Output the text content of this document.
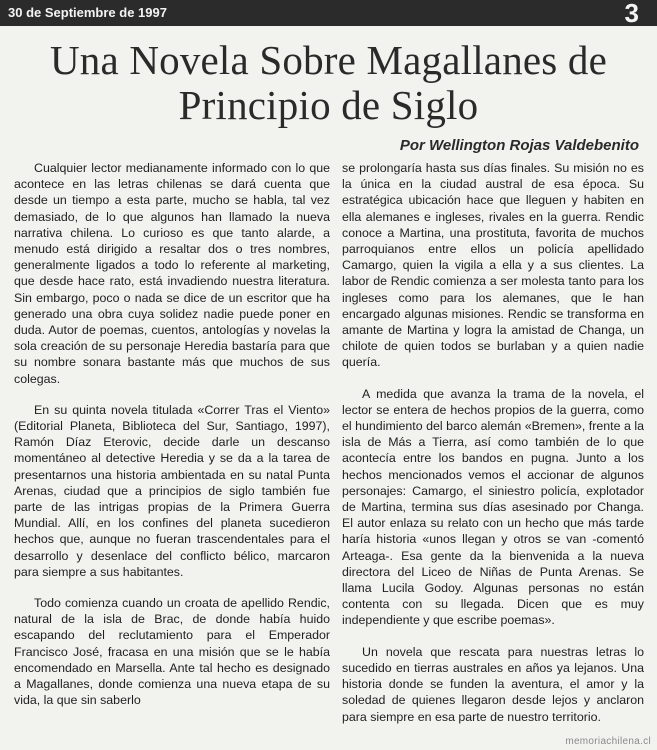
30 de Septiembre de 1997	3
Una Novela Sobre Magallanes de Principio de Siglo
Por Wellington Rojas Valdebenito

Cualquier lector medianamente informado con lo que acontece en las letras chilenas se dará cuenta que desde un tiempo a esta parte, mucho se habla, tal vez demasiado, de lo que algunos han llamado la nueva narrativa chilena. Lo curioso es que tanto alarde, a menudo está dirigido a resaltar dos o tres nombres, generalmente ligados a todo lo referente al marketing, que desde hace rato, está invadiendo nuestra literatura. Sin embargo, poco o nada se dice de un escritor que ha generado una obra cuya solidez nadie puede poner en duda. Autor de poemas, cuentos, antologías y novelas la sola creación de su personaje Heredia bastaría para que su nombre sonara bastante más que muchos de sus colegas.

En su quinta novela titulada «Correr Tras el Viento» (Editorial Planeta, Biblioteca del Sur, Santiago, 1997), Ramón Díaz Eterovic, decide darle un descanso momentáneo al detective Heredia y se da a la tarea de presentarnos una historia ambientada en su natal Punta Arenas, ciudad que a principios de siglo también fue parte de las intrigas propias de la Primera Guerra Mundial. Allí, en los confines del planeta sucedieron hechos que, aunque no fueran trascendentales para el desarrollo y desenlace del conflicto bélico, marcaron para siempre a sus habitantes.

Todo comienza cuando un croata de apellido Rendic, natural de la isla de Brac, de donde había huido escapando del reclutamiento para el Emperador Francisco José, fracasa en una misión que se le había encomendado en Marsella. Ante tal hecho es designado a Magallanes, donde comienza una nueva etapa de su vida, la que sin saberlo

se prolongaría hasta sus días finales. Su misión no es la única en la ciudad austral de esa época. Su estratégica ubicación hace que lleguen y habiten en ella alemanes e ingleses, rivales en la guerra. Rendic conoce a Martina, una prostituta, favorita de muchos parroquianos entre ellos un policía apellidado Camargo, quien la vigila a ella y a sus clientes. La labor de Rendic comienza a ser molesta tanto para los ingleses como para los alemanes, que le han encargado algunas misiones. Rendic se transforma en amante de Martina y logra la amistad de Changa, un chilote de quien todos se burlaban y a quien nadie quería.

A medida que avanza la trama de la novela, el lector se entera de hechos propios de la guerra, como el hundimiento del barco alemán «Bremen», frente a la isla de Más a Tierra, así como también de lo que acontecía entre los bandos en pugna. Junto a los hechos mencionados vemos el accionar de algunos personajes: Camargo, el siniestro policía, explotador de Martina, termina sus días asesinado por Changa. El autor enlaza su relato con un hecho que más tarde haría historia «unos llegan y otros se van -comentó Arteaga-. Esa gente da la bienvenida a la nueva directora del Liceo de Niñas de Punta Arenas. Se llama Lucila Godoy. Algunas personas no están contenta con su llegada. Dicen que es muy independiente y que escribe poemas».

Un novela que rescata para nuestras letras lo sucedido en tierras australes en años ya lejanos. Una historia donde se funden la aventura, el amor y la soledad de quienes llegaron desde lejos y anclaron para siempre en esa parte de nuestro territorio.

memoriachilena.cl
